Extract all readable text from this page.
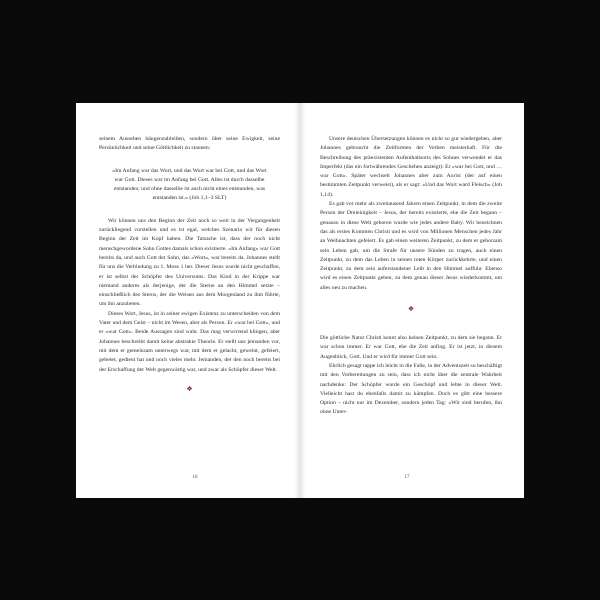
seinem Aussehen hängenzubleiben, sondern über seine Ewigkeit, seine Persönlichkeit und seine Göttlichkeit zu staunen:

»Im Anfang war das Wort, und das Wort war bei Gott, und das Wort war Gott. Dieses war im Anfang bei Gott. Alles ist durch dasselbe entstanden; und ohne dasselbe ist auch nicht eines entstanden, was entstanden ist.« (Joh 1,1–3 SLT)

Wir können uns den Beginn der Zeit noch so weit in der Vergangenheit zurückliegend vorstellen und es ist egal, welches Szenario wir für diesen Beginn der Zeit im Kopf haben. Die Tatsache ist, dass der noch nicht menschgewordene Sohn Gottes damals schon existierte. »Im Anfang« war Gott bereits da, und auch Gott der Sohn, das »Wort«, war bereits da. Johannes stellt für uns die Verbindung zu 1. Mose 1 her. Dieser Jesus wurde nicht geschaffen, er ist selbst der Schöpfer des Universums. Das Kind in der Krippe war niemand anderes als derjenige, der die Sterne an den Himmel setzte – einschließlich des Sterns, der die Weisen aus dem Morgenland zu ihm führte, um ihn anzubeten.

Dieses Wort, Jesus, ist in seiner ewigen Existenz zu unterscheiden von dem Vater und dem Geist – nicht im Wesen, aber als Person. Er »war bei Gott«, und er »war Gott«. Beide Aussagen sind wahr. Das mag verwirrend klingen, aber Johannes beschreibt damit keine abstrakte Theorie. Er stellt uns jemanden vor, mit dem er gemeinsam unterwegs war, mit dem er gelacht, geweint, gefeiert, gebetet, gedient hat und noch vieles mehr. Jemanden, der den noch bereits bei der Erschaffung der Welt gegenwärtig war, und zwar als Schöpfer dieser Welt.

❖
16

Unsere deutschen Übersetzungen können es nicht so gut wiedergeben, aber Johannes gebraucht die Zeitformen der Verben meisterhaft. Für die Beschreibung des präexistenten Aufenthaltsorts des Sohnes verwendet er das Imperfekt (das ein fortwährendes Geschehen anzeigt): Er »war bei Gott, und … war Gott«. Später wechselt Johannes aber zum Aorist (der auf einen bestimmten Zeitpunkt verweist), als er sagt: »Und das Wort ward Fleisch« (Joh 1,14).

Es gab vor mehr als zweitausend Jahren einen Zeitpunkt, in dem die zweite Person der Dreieinigkeit – Jesus, der bereits existierte, ehe die Zeit begann – genauso in diese Welt geboren wurde wie jedes andere Baby. Wir bezeichnen das als erstes Kommen Christi und es wird von Millionen Menschen jedes Jahr an Weihnachten gefeiert. Es gab einen weiteren Zeitpunkt, zu dem er gehorsam sein Leben gab, um die Strafe für unsere Sünden zu tragen, auch einen Zeitpunkt, zu dem das Leben in seinen toten Körper zurückkehrte, und einen Zeitpunkt, zu dem sein auferstandener Leib in den Himmel auffuhr. Ebenso wird es einen Zeitpunkt geben, zu dem genau dieser Jesus wiederkommt, um alles neu zu machen.

❖

Die göttliche Natur Christi kennt also keinen Zeitpunkt, zu dem sie begann. Er war schon immer. Er war Gott, ehe die Zeit anfing. Er ist jetzt, in diesem Augenblick, Gott. Und er wird für immer Gott sein.

Ehrlich gesagt tappe ich leicht in die Falle, in der Adventszeit so beschäftigt mit den Vorbereitungen zu sein, dass ich nicht über die zentrale Wahrheit nachdenke: Der Schöpfer wurde ein Geschöpf und lebte in dieser Welt. Vielleicht hast du ebenfalls damit zu kämpfen. Doch es gibt eine bessere Option – nicht nur im Dezember, sondern jeden Tag: »Wir sind berufen, ihn ohne Unter-

17
